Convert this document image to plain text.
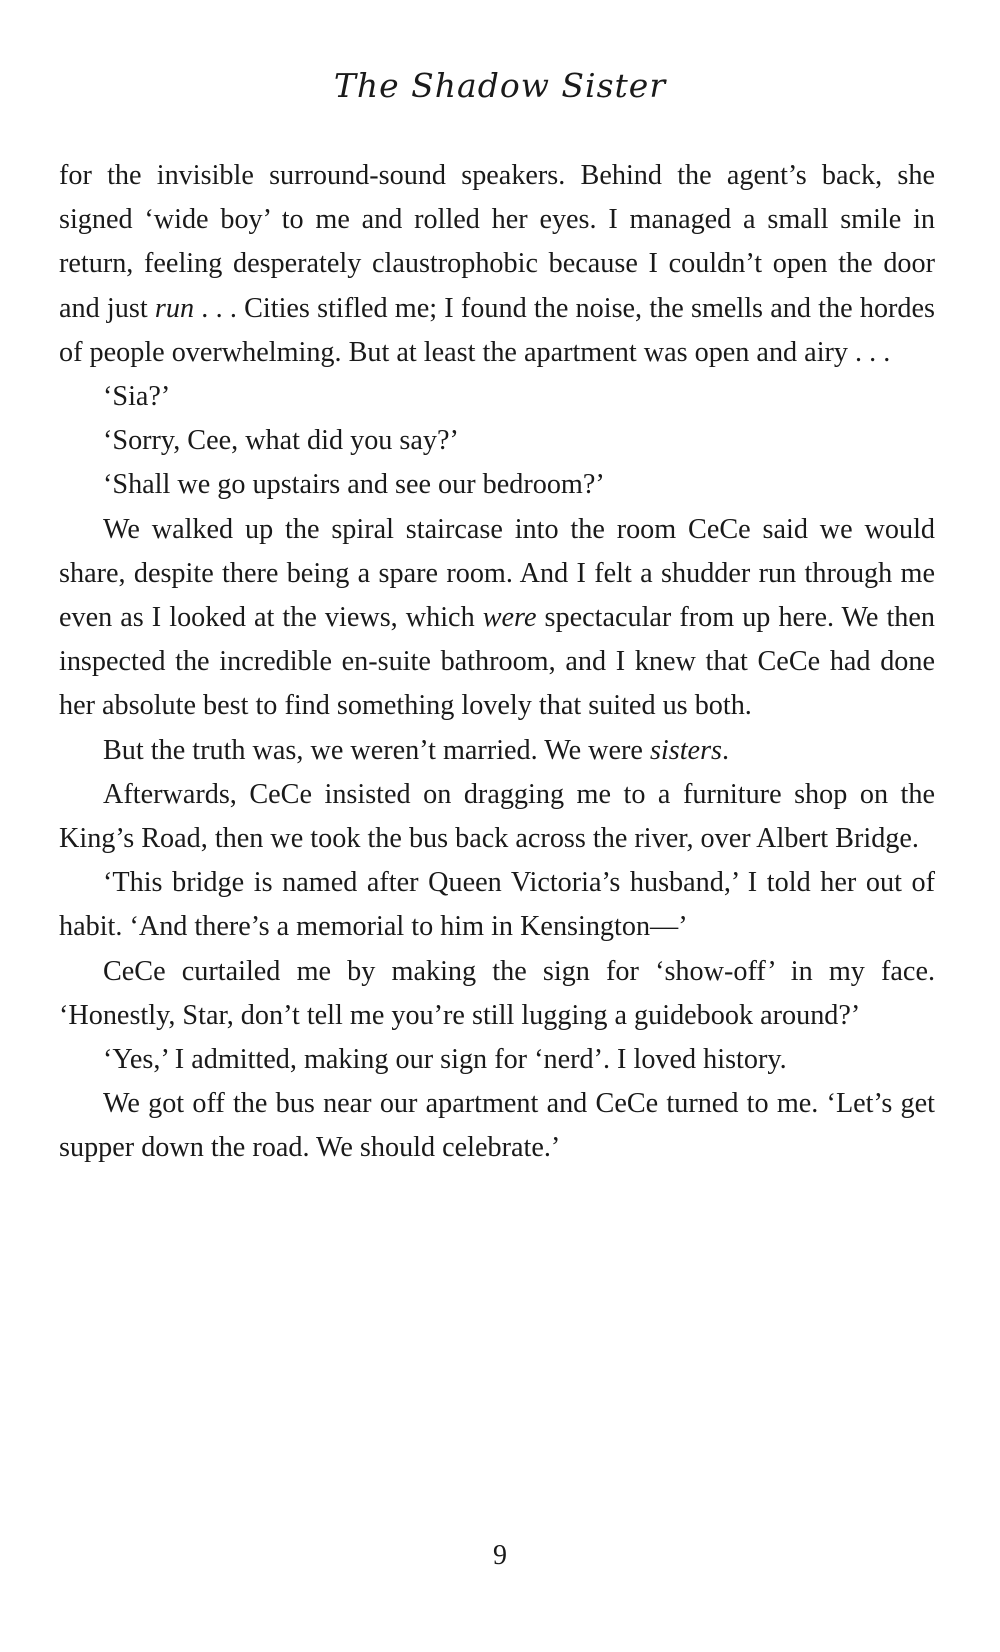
The Shadow Sister

for the invisible surround-sound speakers. Behind the agent’s back, she signed ‘wide boy’ to me and rolled her eyes. I managed a small smile in return, feeling desperately claustrophobic because I couldn’t open the door and just run . . . Cities stifled me; I found the noise, the smells and the hordes of people overwhelming. But at least the apartment was open and airy . . .

‘Sia?’

‘Sorry, Cee, what did you say?’

‘Shall we go upstairs and see our bedroom?’

We walked up the spiral staircase into the room CeCe said we would share, despite there being a spare room. And I felt a shudder run through me even as I looked at the views, which were spectacular from up here. We then inspected the incredible en-suite bathroom, and I knew that CeCe had done her absolute best to find something lovely that suited us both.

But the truth was, we weren’t married. We were sisters.

Afterwards, CeCe insisted on dragging me to a furniture shop on the King’s Road, then we took the bus back across the river, over Albert Bridge.

‘This bridge is named after Queen Victoria’s husband,’ I told her out of habit. ‘And there’s a memorial to him in Kensington—’

CeCe curtailed me by making the sign for ‘show-off’ in my face. ‘Honestly, Star, don’t tell me you’re still lugging a guidebook around?’

‘Yes,’ I admitted, making our sign for ‘nerd’. I loved history.

We got off the bus near our apartment and CeCe turned to me. ‘Let’s get supper down the road. We should celebrate.’

9
